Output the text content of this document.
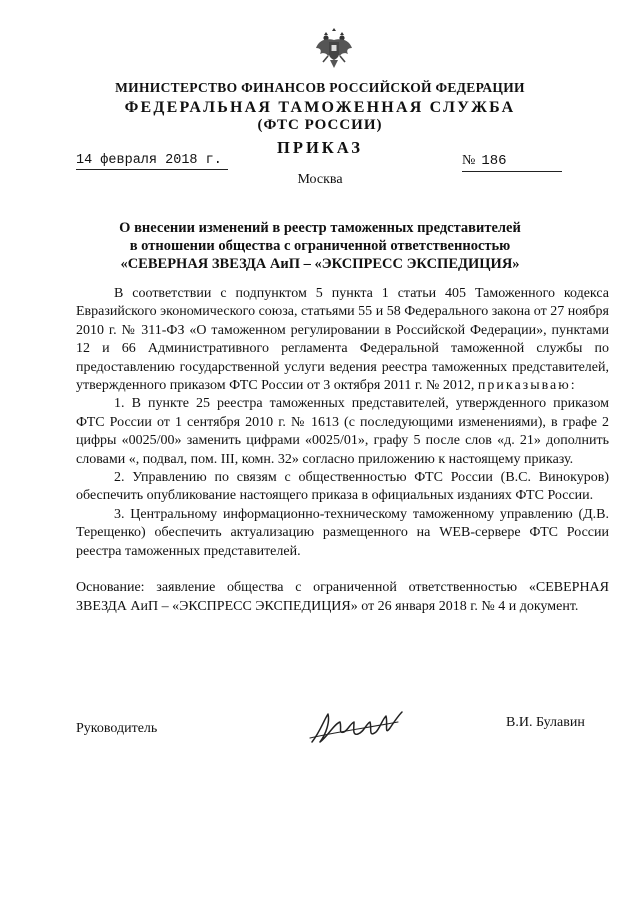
МИНИСТЕРСТВО ФИНАНСОВ РОССИЙСКОЙ ФЕДЕРАЦИИ
ФЕДЕРАЛЬНАЯ ТАМОЖЕННАЯ СЛУЖБА
(ФТС РОССИИ)
ПРИКАЗ
14 февраля 2018 г.	№ 186
Москва
О внесении изменений в реестр таможенных представителей
в отношении общества с ограниченной ответственностью
«СЕВЕРНАЯ ЗВЕЗДА АиП – «ЭКСПРЕСС ЭКСПЕДИЦИЯ»

В соответствии с подпунктом 5 пункта 1 статьи 405 Таможенного кодекса Евразийского экономического союза, статьями 55 и 58 Федерального закона от 27 ноября 2010 г. № 311-ФЗ «О таможенном регулировании в Российской Федерации», пунктами 12 и 66 Административного регламента Федеральной таможенной службы по предоставлению государственной услуги ведения реестра таможенных представителей, утвержденного приказом ФТС России от 3 октября 2011 г. № 2012, приказываю:

1. В пункте 25 реестра таможенных представителей, утвержденного приказом ФТС России от 1 сентября 2010 г. № 1613 (с последующими изменениями), в графе 2 цифры «0025/00» заменить цифрами «0025/01», графу 5 после слов «д. 21» дополнить словами «, подвал, пом. III, комн. 32» согласно приложению к настоящему приказу.

2. Управлению по связям с общественностью ФТС России (В.С. Винокуров) обеспечить опубликование настоящего приказа в официальных изданиях ФТС России.

3. Центральному информационно-техническому таможенному управлению (Д.В. Терещенко) обеспечить актуализацию размещенного на WEB-сервере ФТС России реестра таможенных представителей.

Основание: заявление общества с ограниченной ответственностью «СЕВЕРНАЯ ЗВЕЗДА АиП – «ЭКСПРЕСС ЭКСПЕДИЦИЯ» от 26 января 2018 г. № 4 и документ.

Руководитель	В.И. Булавин
